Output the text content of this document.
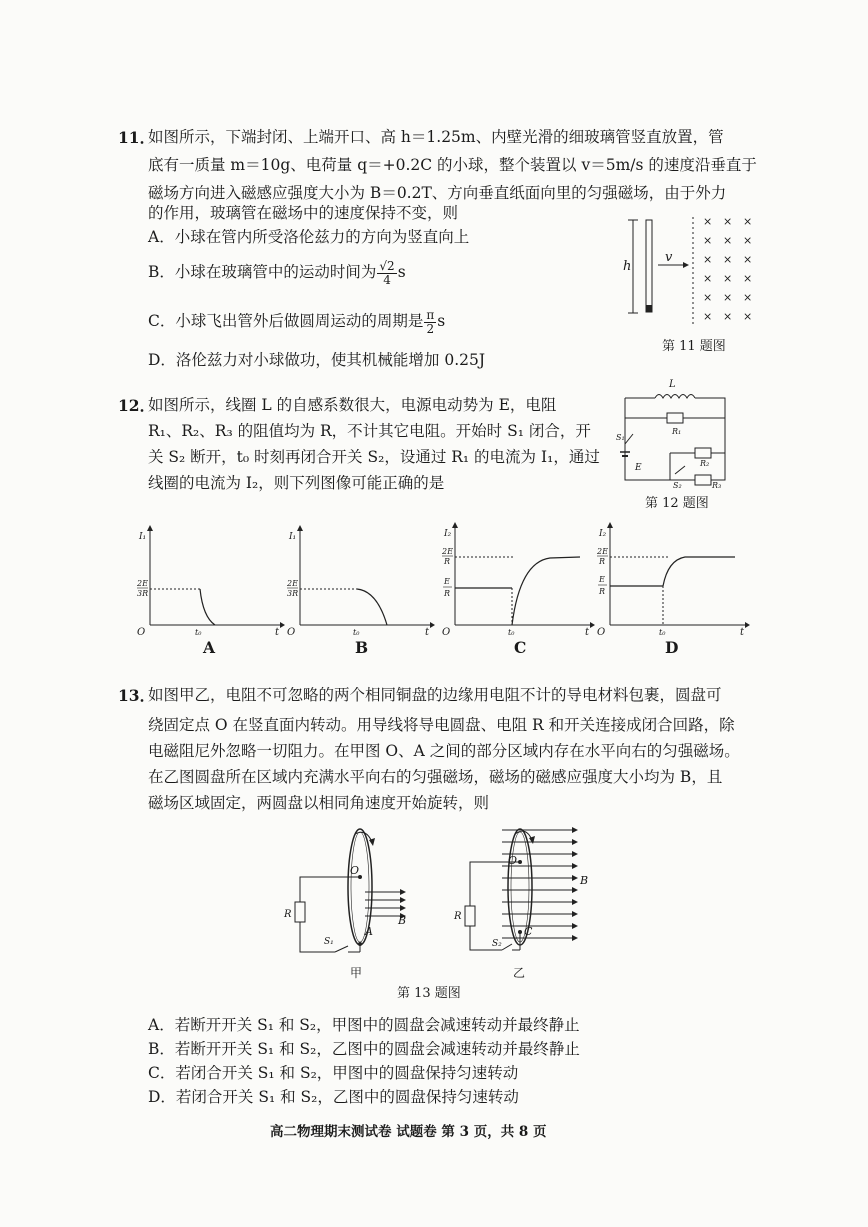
11．
如图所示，下端封闭、上端开口、高 h＝1.25m、内壁光滑的细玻璃管竖直放置，管
底有一质量 m＝10g、电荷量 q＝+0.2C 的小球，整个装置以 v＝5m/s 的速度沿垂直于
磁场方向进入磁感应强度大小为 B＝0.2T、方向垂直纸面向里的匀强磁场，由于外力
的作用，玻璃管在磁场中的速度保持不变，则
A．小球在管内所受洛伦兹力的方向为竖直向上
B．小球在玻璃管中的运动时间为 $\frac{√2}{4}$ s
C．小球飞出管外后做圆周运动的周期是 $\frac{\pi}{2}$ s
D．洛伦兹力对小球做功，使其机械能增加 0.25J
h
v
× × ×
× × ×
× × ×
× × ×
× × ×
× × ×
第 11 题图
12．
如图所示，线圈 L 的自感系数很大，电源电动势为 E，电阻
R₁、R₂、R₃ 的阻值均为 R，不计其它电阻。开始时 S₁ 闭合，开
关 S₂ 断开，t₀ 时刻再闭合开关 S₂，设通过 R₁ 的电流为 I₁，通过
线圈的电流为 I₂，则下列图像可能正确的是
L
R₁
S₁
E	R₂
S₂	R₃
第 12 题图
I₁
2E
3R
t₀	t
O
A
I₁
2E
3R
t₀	t
O
B
I₂
2E
R
E
R
t₀	t
O
C
I₂
2E
R
E
R
t₀	t
O
D
13．
如图甲乙，电阻不可忽略的两个相同铜盘的边缘用电阻不计的导电材料包裹，圆盘可
绕固定点 O 在竖直面内转动。用导线将导电圆盘、电阻 R 和开关连接成闭合回路，除
电磁阻尼外忽略一切阻力。在甲图 O、A 之间的部分区域内存在水平向右的匀强磁场。
在乙图圆盘所在区域内充满水平向右的匀强磁场，磁场的磁感应强度大小均为 B，且
磁场区域固定，两圆盘以相同角速度开始旋转，则
O
A
B
S₁
R
甲
O
C
B
S₂
R
乙
第 13 题图
A．若断开开关 S₁ 和 S₂，甲图中的圆盘会减速转动并最终静止
B．若断开开关 S₁ 和 S₂，乙图中的圆盘会减速转动并最终静止
C．若闭合开关 S₁ 和 S₂，甲图中的圆盘保持匀速转动
D．若闭合开关 S₁ 和 S₂，乙图中的圆盘保持匀速转动
高二物理期末测试卷 试题卷 第 3 页，共 8 页
